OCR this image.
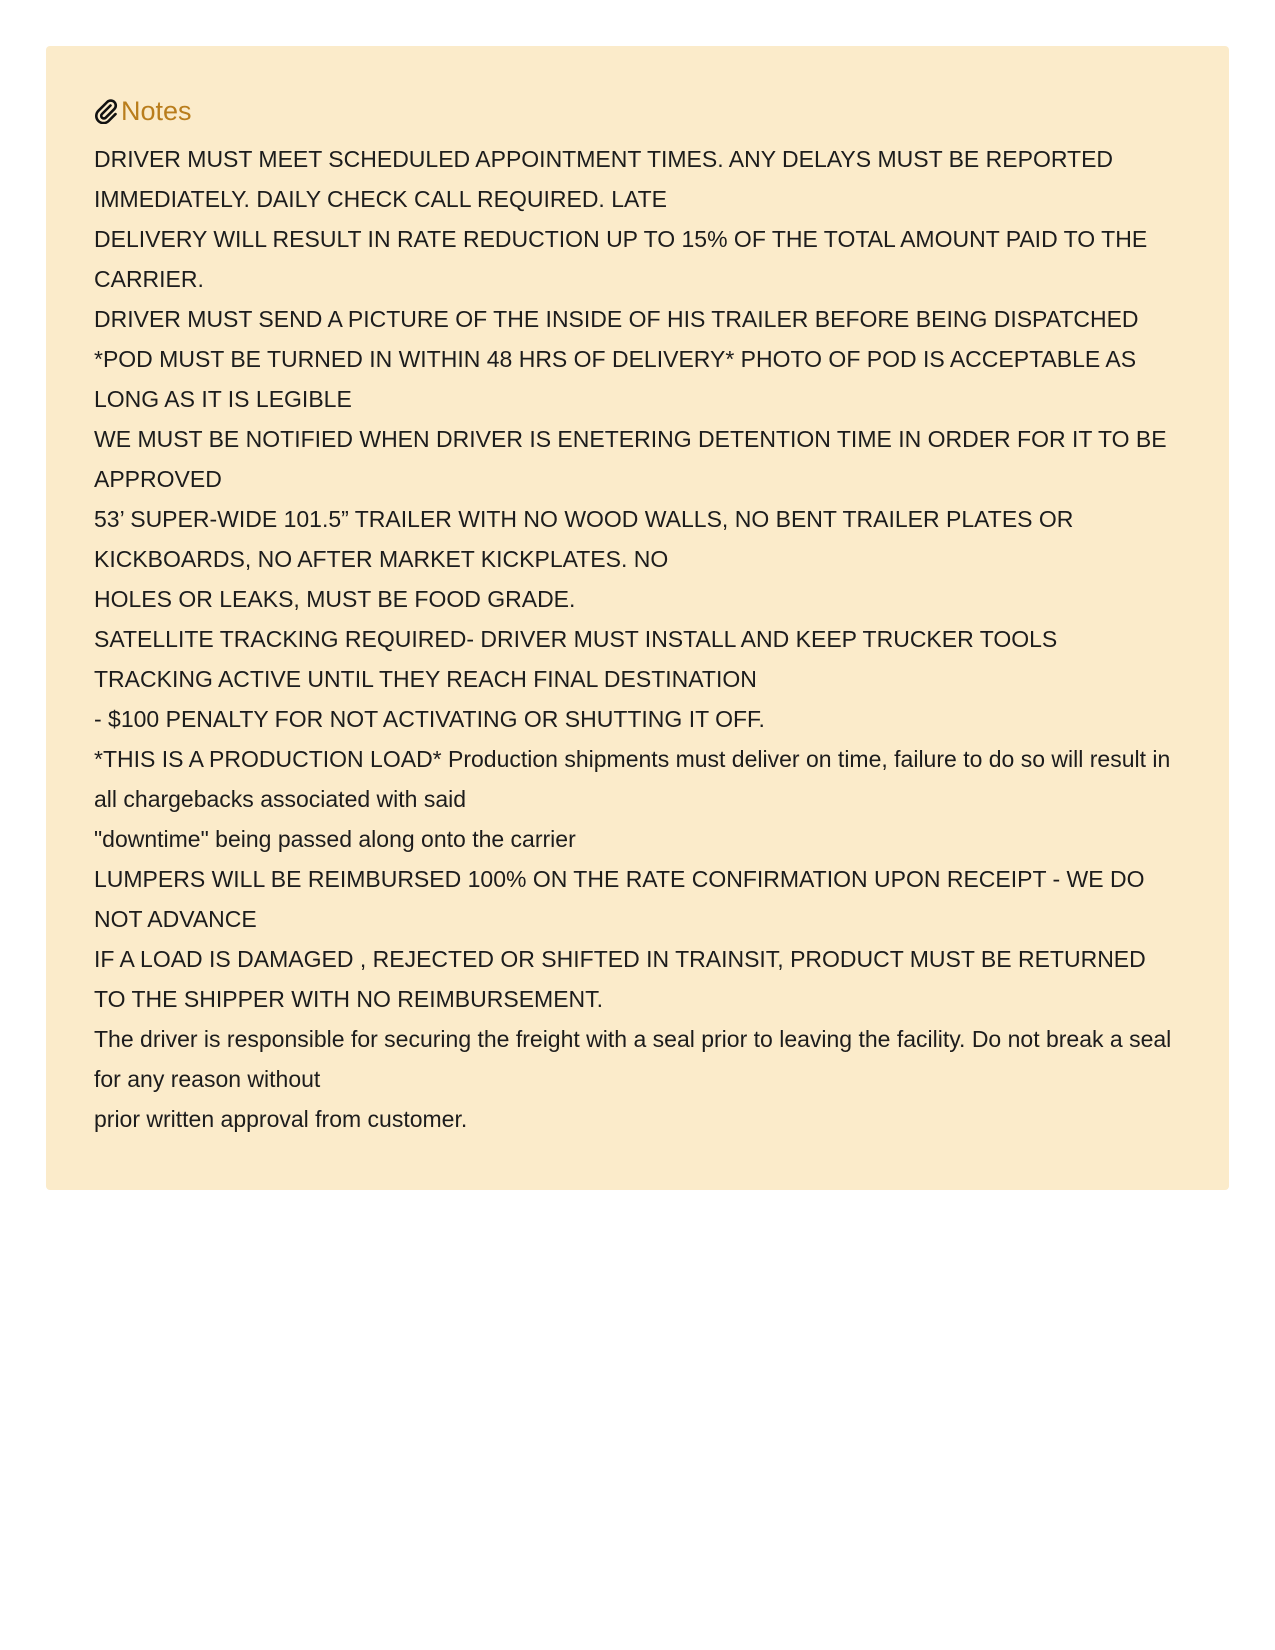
Notes
DRIVER MUST MEET SCHEDULED APPOINTMENT TIMES. ANY DELAYS MUST BE REPORTED IMMEDIATELY. DAILY CHECK CALL REQUIRED. LATE
DELIVERY WILL RESULT IN RATE REDUCTION UP TO 15% OF THE TOTAL AMOUNT PAID TO THE CARRIER.
DRIVER MUST SEND A PICTURE OF THE INSIDE OF HIS TRAILER BEFORE BEING DISPATCHED
*POD MUST BE TURNED IN WITHIN 48 HRS OF DELIVERY* PHOTO OF POD IS ACCEPTABLE AS LONG AS IT IS LEGIBLE
WE MUST BE NOTIFIED WHEN DRIVER IS ENETERING DETENTION TIME IN ORDER FOR IT TO BE APPROVED
53’ SUPER-WIDE 101.5” TRAILER WITH NO WOOD WALLS, NO BENT TRAILER PLATES OR KICKBOARDS, NO AFTER MARKET KICKPLATES. NO
HOLES OR LEAKS, MUST BE FOOD GRADE.
SATELLITE TRACKING REQUIRED- DRIVER MUST INSTALL AND KEEP TRUCKER TOOLS TRACKING ACTIVE UNTIL THEY REACH FINAL DESTINATION
- $100 PENALTY FOR NOT ACTIVATING OR SHUTTING IT OFF.
*THIS IS A PRODUCTION LOAD* Production shipments must deliver on time, failure to do so will result in all chargebacks associated with said
"downtime" being passed along onto the carrier
LUMPERS WILL BE REIMBURSED 100% ON THE RATE CONFIRMATION UPON RECEIPT - WE DO NOT ADVANCE
IF A LOAD IS DAMAGED , REJECTED OR SHIFTED IN TRAINSIT, PRODUCT MUST BE RETURNED TO THE SHIPPER WITH NO REIMBURSEMENT.
The driver is responsible for securing the freight with a seal prior to leaving the facility. Do not break a seal for any reason without
prior written approval from customer.
